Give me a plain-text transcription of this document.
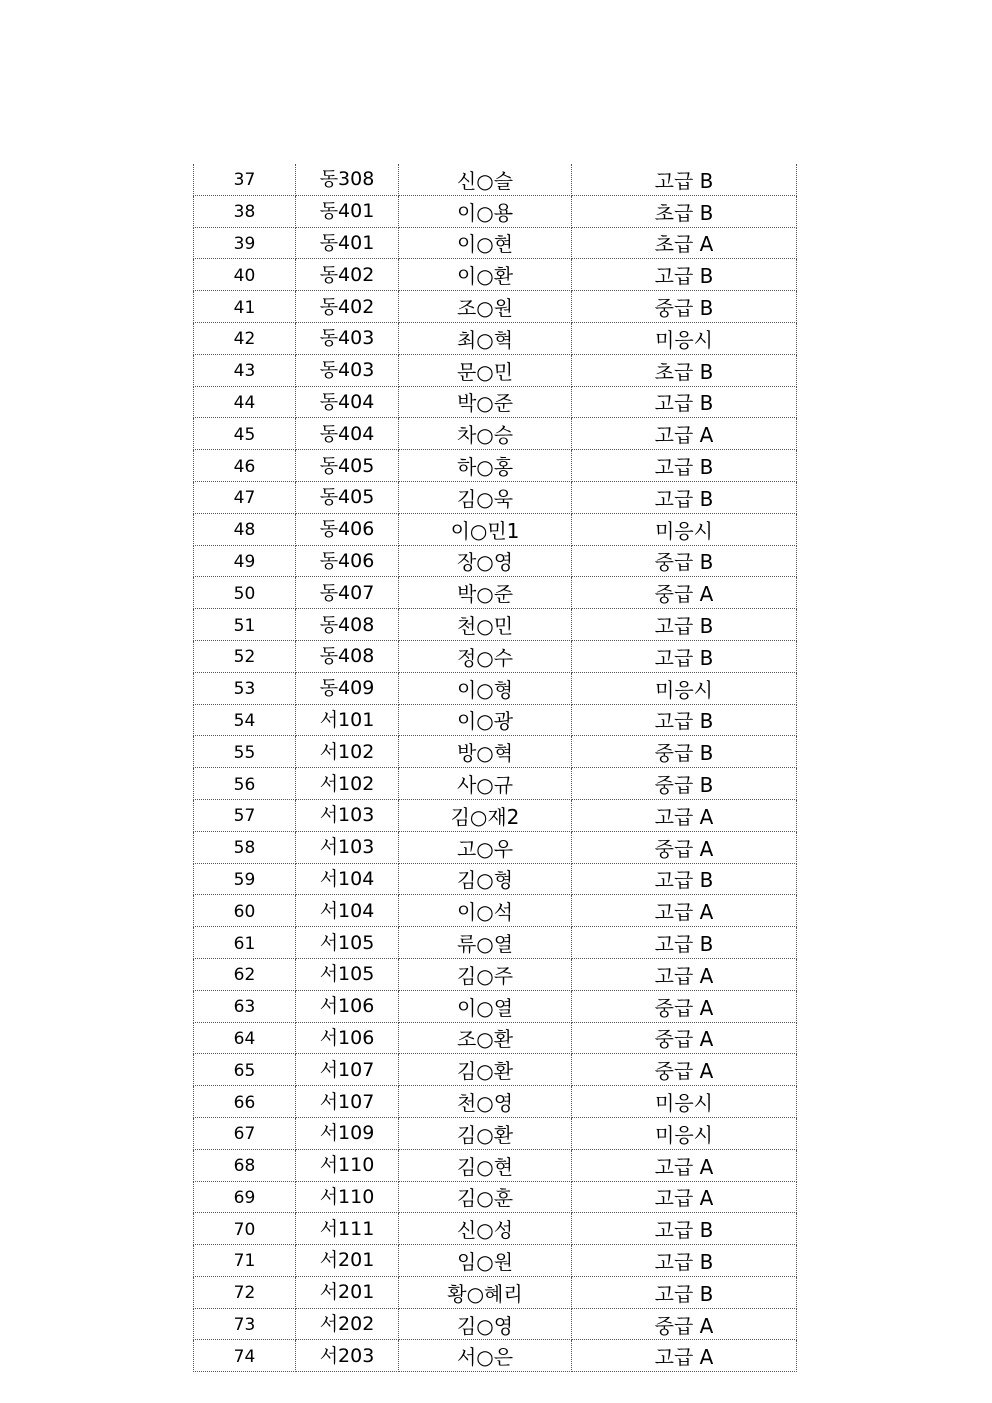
37	동308	신○슬	고급 B
38	동401	이○용	초급 B
39	동401	이○현	초급 A
40	동402	이○환	고급 B
41	동402	조○원	중급 B
42	동403	최○혁	미응시
43	동403	문○민	초급 B
44	동404	박○준	고급 B
45	동404	차○승	고급 A
46	동405	하○홍	고급 B
47	동405	김○욱	고급 B
48	동406	이○민1	미응시
49	동406	장○영	중급 B
50	동407	박○준	중급 A
51	동408	천○민	고급 B
52	동408	정○수	고급 B
53	동409	이○형	미응시
54	서101	이○광	고급 B
55	서102	방○혁	중급 B
56	서102	사○규	중급 B
57	서103	김○재2	고급 A
58	서103	고○우	중급 A
59	서104	김○형	고급 B
60	서104	이○석	고급 A
61	서105	류○열	고급 B
62	서105	김○주	고급 A
63	서106	이○열	중급 A
64	서106	조○환	중급 A
65	서107	김○환	중급 A
66	서107	천○영	미응시
67	서109	김○환	미응시
68	서110	김○현	고급 A
69	서110	김○훈	고급 A
70	서111	신○성	고급 B
71	서201	임○원	고급 B
72	서201	황○혜리	고급 B
73	서202	김○영	중급 A
74	서203	서○은	고급 A
